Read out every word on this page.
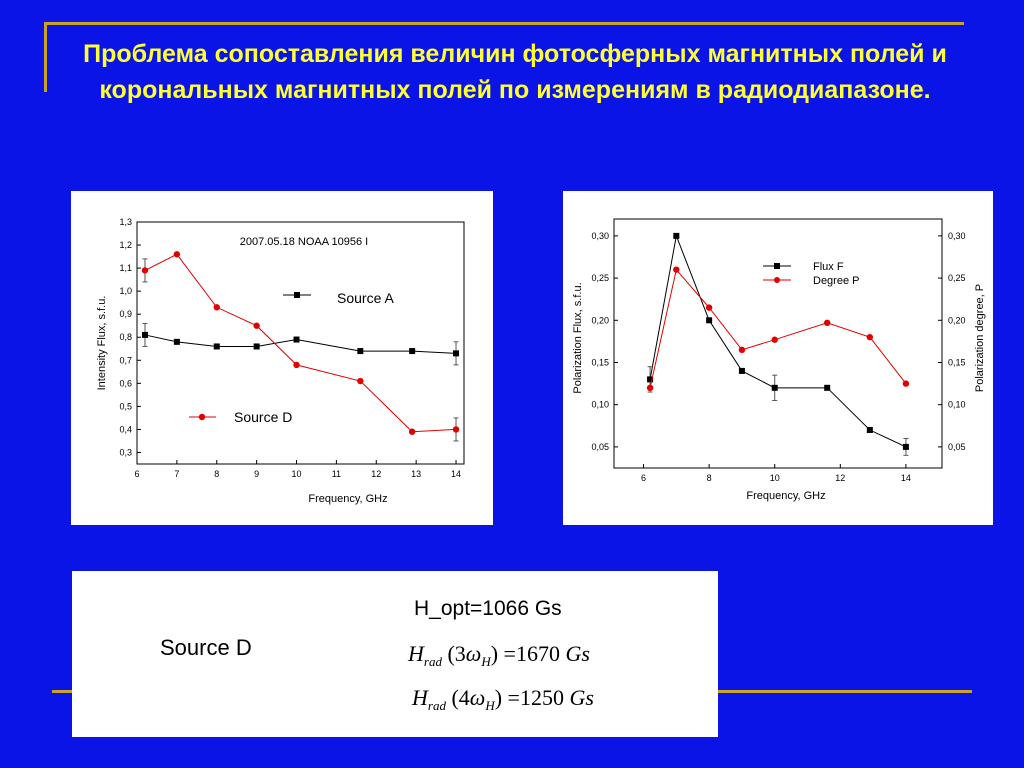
Проблема сопоставления величин фотосферных магнитных полей и корональных магнитных полей по измерениям в радиодиапазоне.
6	7	8	9	10	11	12	13	14
0,3
0,4
0,5
0,6
0,7
0,8
0,9
1,0
1,1
1,2
1,3
2007.05.18 NOAA 10956 I
Frequency, GHz
Intensity Flux, s.f.u.	Source A
Source D
6	8	10	12	14
0,05	0,05
0,10	0,10
0,15	0,15
0,20	0,20
0,25	0,25
0,30	0,30
Frequency, GHz
Polarization Flux, s.f.u.	Polarization degree, P
Flux F
Degree P
Source D
H_opt=1066 Gs
$H_{rad}$ $(3\omega_H) =1670$ Gs
$H_{rad}$ $(4\omega_H) =1250$ Gs
